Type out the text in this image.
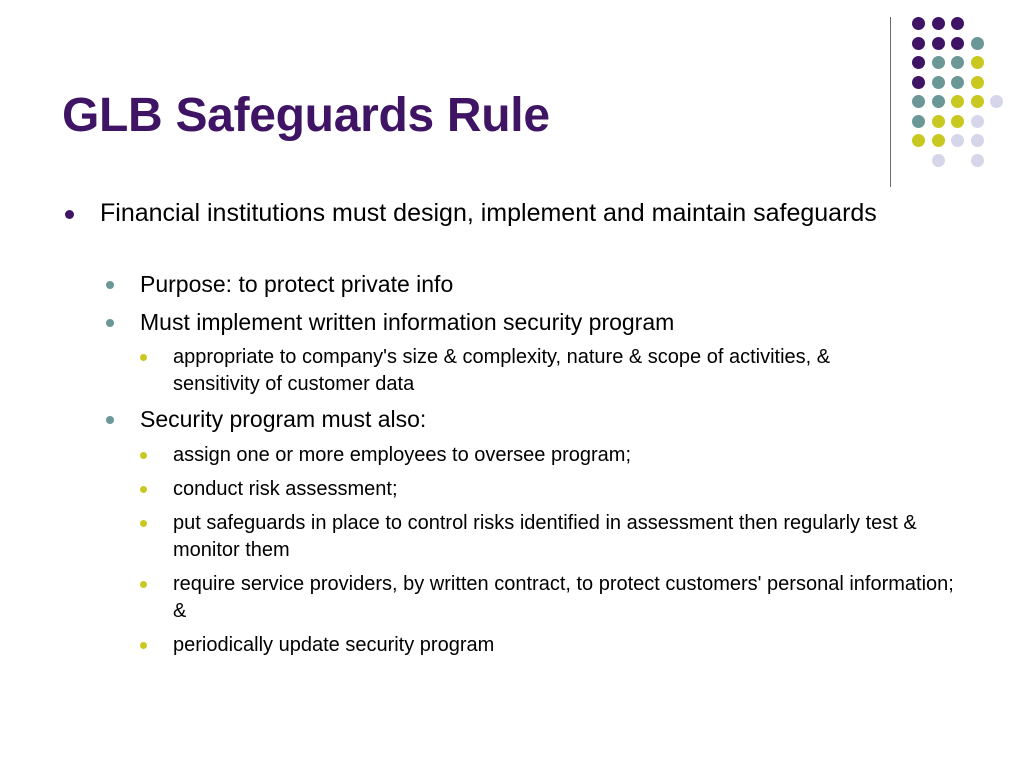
GLB Safeguards Rule
Financial institutions must design, implement and maintain safeguards
Purpose: to protect private info
Must implement written information security program
appropriate to company's size & complexity, nature & scope of activities, & sensitivity of customer data
Security program must also:
assign one or more employees to oversee program;
conduct risk assessment;
put safeguards in place to control risks identified in assessment then regularly test & monitor them
require service providers, by written contract, to protect customers' personal information; &
periodically update security program
